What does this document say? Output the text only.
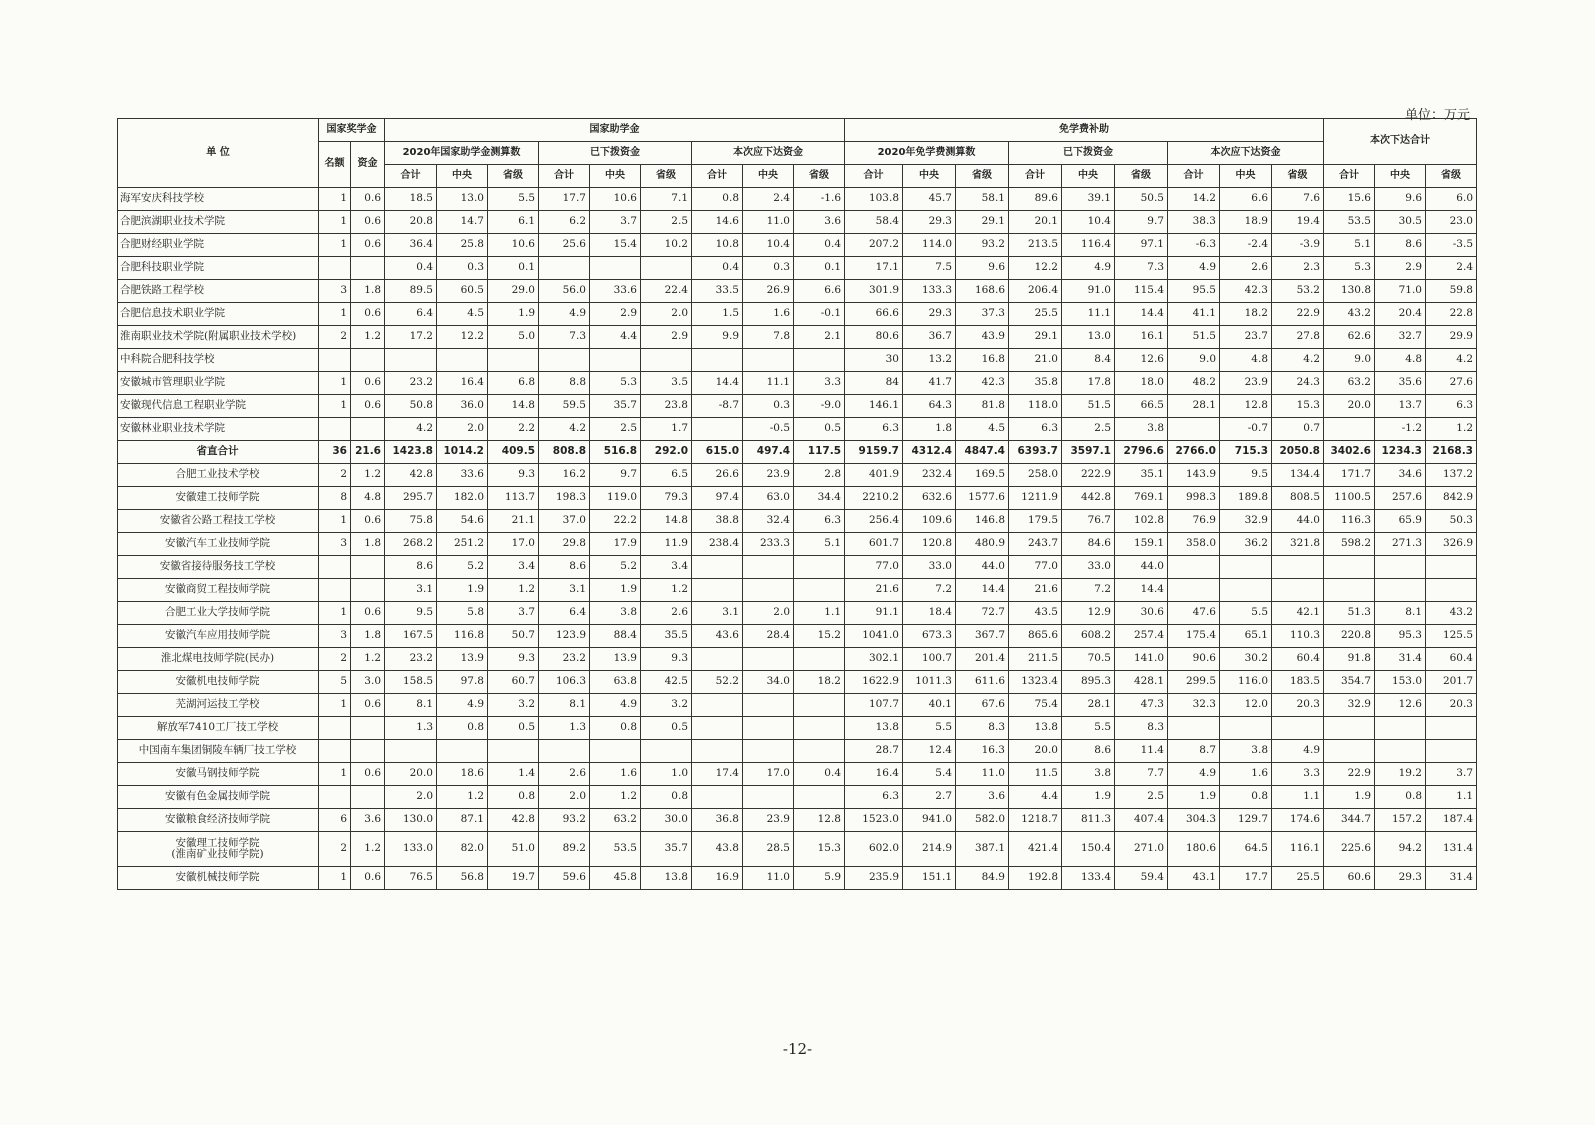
单位：万元
单 位	国家奖学金		国家助学金									免学费补助									本次下达合计		
	名额	资金	2020年国家助学金测算数			已下拨资金			本次应下达资金			2020年免学费测算数			已下拨资金			本次应下达资金					
			合计	中央	省级	合计	中央	省级	合计	中央	省级	合计	中央	省级	合计	中央	省级	合计	中央	省级	合计	中央	省级
海军安庆科技学校	1	0.6	18.5	13.0	5.5	17.7	10.6	7.1	0.8	2.4	-1.6	103.8	45.7	58.1	89.6	39.1	50.5	14.2	6.6	7.6	15.6	9.6	6.0
合肥滨湖职业技术学院	1	0.6	20.8	14.7	6.1	6.2	3.7	2.5	14.6	11.0	3.6	58.4	29.3	29.1	20.1	10.4	9.7	38.3	18.9	19.4	53.5	30.5	23.0
合肥财经职业学院	1	0.6	36.4	25.8	10.6	25.6	15.4	10.2	10.8	10.4	0.4	207.2	114.0	93.2	213.5	116.4	97.1	-6.3	-2.4	-3.9	5.1	8.6	-3.5
合肥科技职业学院			0.4	0.3	0.1				0.4	0.3	0.1	17.1	7.5	9.6	12.2	4.9	7.3	4.9	2.6	2.3	5.3	2.9	2.4
合肥铁路工程学校	3	1.8	89.5	60.5	29.0	56.0	33.6	22.4	33.5	26.9	6.6	301.9	133.3	168.6	206.4	91.0	115.4	95.5	42.3	53.2	130.8	71.0	59.8
合肥信息技术职业学院	1	0.6	6.4	4.5	1.9	4.9	2.9	2.0	1.5	1.6	-0.1	66.6	29.3	37.3	25.5	11.1	14.4	41.1	18.2	22.9	43.2	20.4	22.8
淮南职业技术学院(附属职业技术学校)	2	1.2	17.2	12.2	5.0	7.3	4.4	2.9	9.9	7.8	2.1	80.6	36.7	43.9	29.1	13.0	16.1	51.5	23.7	27.8	62.6	32.7	29.9
中科院合肥科技学校												30	13.2	16.8	21.0	8.4	12.6	9.0	4.8	4.2	9.0	4.8	4.2
安徽城市管理职业学院	1	0.6	23.2	16.4	6.8	8.8	5.3	3.5	14.4	11.1	3.3	84	41.7	42.3	35.8	17.8	18.0	48.2	23.9	24.3	63.2	35.6	27.6
安徽现代信息工程职业学院	1	0.6	50.8	36.0	14.8	59.5	35.7	23.8	-8.7	0.3	-9.0	146.1	64.3	81.8	118.0	51.5	66.5	28.1	12.8	15.3	20.0	13.7	6.3
安徽林业职业技术学院			4.2	2.0	2.2	4.2	2.5	1.7		-0.5	0.5	6.3	1.8	4.5	6.3	2.5	3.8		-0.7	0.7		-1.2	1.2
省直合计	36	21.6	1423.8	1014.2	409.5	808.8	516.8	292.0	615.0	497.4	117.5	9159.7	4312.4	4847.4	6393.7	3597.1	2796.6	2766.0	715.3	2050.8	3402.6	1234.3	2168.3
合肥工业技术学校	2	1.2	42.8	33.6	9.3	16.2	9.7	6.5	26.6	23.9	2.8	401.9	232.4	169.5	258.0	222.9	35.1	143.9	9.5	134.4	171.7	34.6	137.2
安徽建工技师学院	8	4.8	295.7	182.0	113.7	198.3	119.0	79.3	97.4	63.0	34.4	2210.2	632.6	1577.6	1211.9	442.8	769.1	998.3	189.8	808.5	1100.5	257.6	842.9
安徽省公路工程技工学校	1	0.6	75.8	54.6	21.1	37.0	22.2	14.8	38.8	32.4	6.3	256.4	109.6	146.8	179.5	76.7	102.8	76.9	32.9	44.0	116.3	65.9	50.3
安徽汽车工业技师学院	3	1.8	268.2	251.2	17.0	29.8	17.9	11.9	238.4	233.3	5.1	601.7	120.8	480.9	243.7	84.6	159.1	358.0	36.2	321.8	598.2	271.3	326.9
安徽省接待服务技工学校			8.6	5.2	3.4	8.6	5.2	3.4				77.0	33.0	44.0	77.0	33.0	44.0						
安徽商贸工程技师学院			3.1	1.9	1.2	3.1	1.9	1.2				21.6	7.2	14.4	21.6	7.2	14.4						
合肥工业大学技师学院	1	0.6	9.5	5.8	3.7	6.4	3.8	2.6	3.1	2.0	1.1	91.1	18.4	72.7	43.5	12.9	30.6	47.6	5.5	42.1	51.3	8.1	43.2
安徽汽车应用技师学院	3	1.8	167.5	116.8	50.7	123.9	88.4	35.5	43.6	28.4	15.2	1041.0	673.3	367.7	865.6	608.2	257.4	175.4	65.1	110.3	220.8	95.3	125.5
淮北煤电技师学院(民办)	2	1.2	23.2	13.9	9.3	23.2	13.9	9.3				302.1	100.7	201.4	211.5	70.5	141.0	90.6	30.2	60.4	91.8	31.4	60.4
安徽机电技师学院	5	3.0	158.5	97.8	60.7	106.3	63.8	42.5	52.2	34.0	18.2	1622.9	1011.3	611.6	1323.4	895.3	428.1	299.5	116.0	183.5	354.7	153.0	201.7
芜湖河运技工学校	1	0.6	8.1	4.9	3.2	8.1	4.9	3.2				107.7	40.1	67.6	75.4	28.1	47.3	32.3	12.0	20.3	32.9	12.6	20.3
解放军7410工厂技工学校			1.3	0.8	0.5	1.3	0.8	0.5				13.8	5.5	8.3	13.8	5.5	8.3						
中国南车集团铜陵车辆厂技工学校												28.7	12.4	16.3	20.0	8.6	11.4	8.7	3.8	4.9			
安徽马钢技师学院	1	0.6	20.0	18.6	1.4	2.6	1.6	1.0	17.4	17.0	0.4	16.4	5.4	11.0	11.5	3.8	7.7	4.9	1.6	3.3	22.9	19.2	3.7
安徽有色金属技师学院			2.0	1.2	0.8	2.0	1.2	0.8				6.3	2.7	3.6	4.4	1.9	2.5	1.9	0.8	1.1	1.9	0.8	1.1
安徽粮食经济技师学院	6	3.6	130.0	87.1	42.8	93.2	63.2	30.0	36.8	23.9	12.8	1523.0	941.0	582.0	1218.7	811.3	407.4	304.3	129.7	174.6	344.7	157.2	187.4
安徽理工技师学院
(淮南矿业技师学院)	2	1.2	133.0	82.0	51.0	89.2	53.5	35.7	43.8	28.5	15.3	602.0	214.9	387.1	421.4	150.4	271.0	180.6	64.5	116.1	225.6	94.2	131.4
安徽机械技师学院	1	0.6	76.5	56.8	19.7	59.6	45.8	13.8	16.9	11.0	5.9	235.9	151.1	84.9	192.8	133.4	59.4	43.1	17.7	25.5	60.6	29.3	31.4
-12-
